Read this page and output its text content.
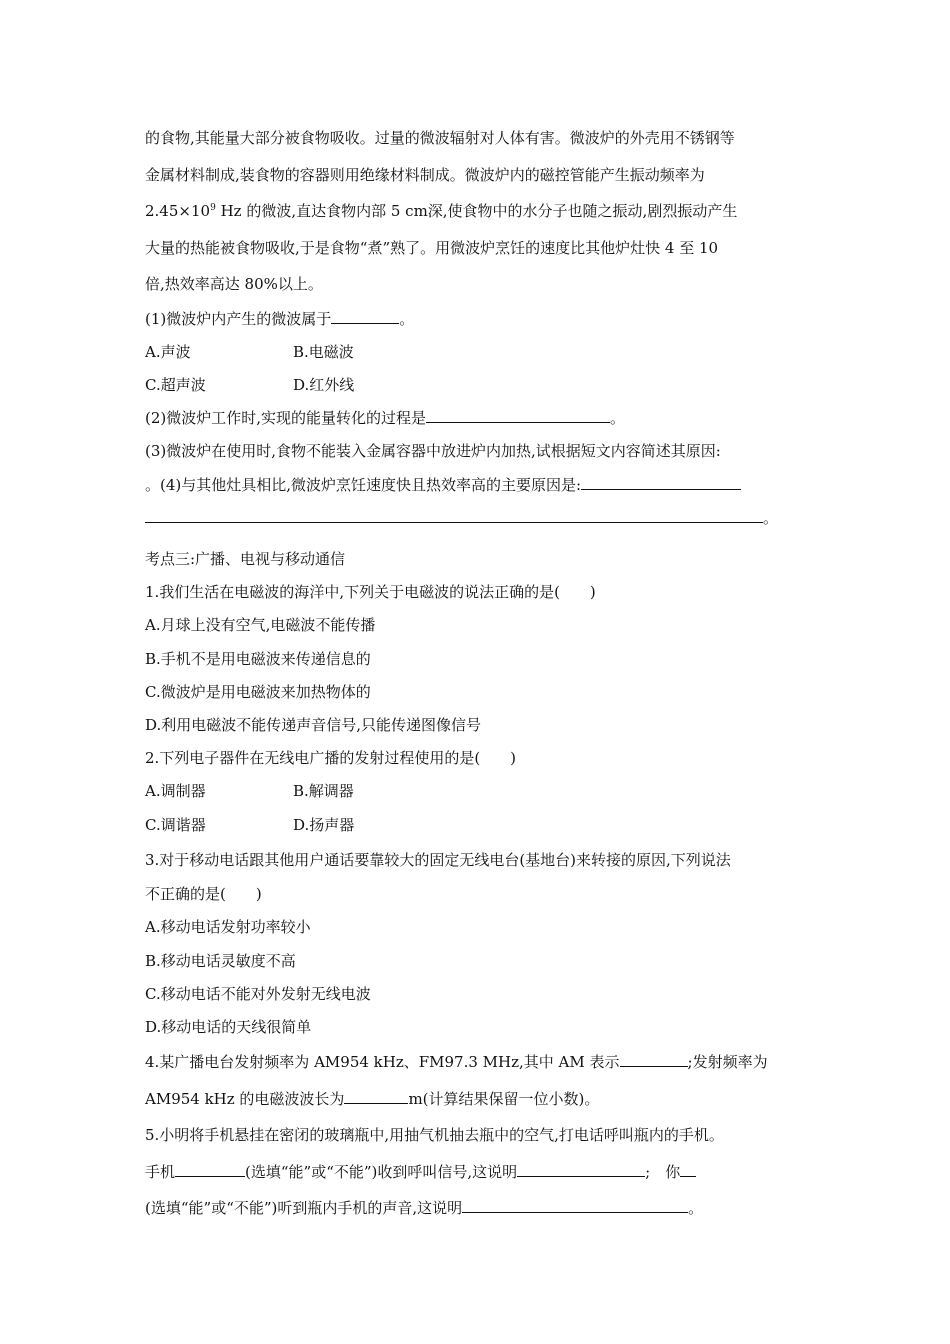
的食物,其能量大部分被食物吸收。过量的微波辐射对人体有害。微波炉的外壳用不锈钢等
金属材料制成,装食物的容器则用绝缘材料制成。微波炉内的磁控管能产生振动频率为
$2.45\times 10^9$ Hz 的微波,直达食物内部 5 cm深,使食物中的水分子也随之振动,剧烈振动产生
大量的热能被食物吸收,于是食物“煮”熟了。用微波炉烹饪的速度比其他炉灶快 4 至 10
倍,热效率高达 80%以上。
(1)微波炉内产生的微波属于	。
A.声波	B.电磁波
C.超声波	D.红外线
(2)微波炉工作时,实现的能量转化的过程是	。
(3)微波炉在使用时,食物不能装入金属容器中放进炉内加热,试根据短文内容简述其原因:
。(4)与其他灶具相比,微波炉烹饪速度快且热效率高的主要原因是:
。
考点三:广播、电视与移动通信
1.我们生活在电磁波的海洋中,下列关于电磁波的说法正确的是(　　)
A.月球上没有空气,电磁波不能传播
B.手机不是用电磁波来传递信息的
C.微波炉是用电磁波来加热物体的
D.利用电磁波不能传递声音信号,只能传递图像信号
2.下列电子器件在无线电广播的发射过程使用的是(　　)
A.调制器	B.解调器
C.调谐器	D.扬声器
3.对于移动电话跟其他用户通话要靠较大的固定无线电台(基地台)来转接的原因,下列说法
不正确的是(　　)
A.移动电话发射功率较小
B.移动电话灵敏度不高
C.移动电话不能对外发射无线电波
D.移动电话的天线很简单
4.某广播电台发射频率为 AM954 kHz、FM97.3 MHz,其中 AM 表示	;发射频率为
AM954 kHz 的电磁波波长为	m(计算结果保留一位小数)。
5.小明将手机悬挂在密闭的玻璃瓶中,用抽气机抽去瓶中的空气,打电话呼叫瓶内的手机。
手机	(选填“能”或“不能”)收到呼叫信号,这说明	;　你
(选填“能”或“不能”)听到瓶内手机的声音,这说明	。
